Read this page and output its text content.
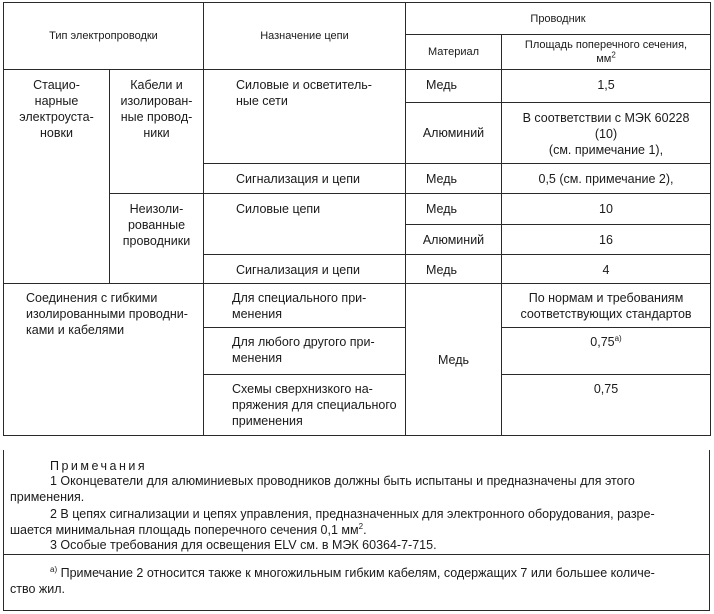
Тип электропроводки		Назначение цепи	Проводник	
			Материал	Площадь поперечного сечения,
$мм^2$
Стацио-
нарные
электроуста-
новки	Кабели и
изолирован-
ные провод-
ники	Силовые и осветитель-
ные сети	Медь	1,5
			Алюминий	В соответствии с МЭК 60228
(10)
(см. примечание 1),
		Сигнализация и цепи	Медь	0,5 (см. примечание 2),
	Неизоли-
рованные
проводники	Силовые цепи	Медь	10
			Алюминий	16
		Сигнализация и цепи	Медь	4
Соединения с гибкими
изолированными проводни-
ками и кабелями		Для специального при-
менения	Медь	По нормам и требованиям
соответствующих стандартов
		Для любого другого при-
менения		0,75$^{a)}$
		Схемы сверхнизкого на-
пряжения для специального
применения		0,75
Примечания
1 Оконцеватели для алюминиевых проводников должны быть испытаны и предназначены для этого
применения.
2 В цепях сигнализации и цепях управления, предназначенных для электронного оборудования, разре-
шается минимальная площадь поперечного сечения 0,1 $мм^2$.
3 Особые требования для освещения ELV см. в МЭК 60364-7-715.
$^{a)}$ Примечание 2 относится также к многожильным гибким кабелям, содержащих 7 или большее количе-
ство жил.
